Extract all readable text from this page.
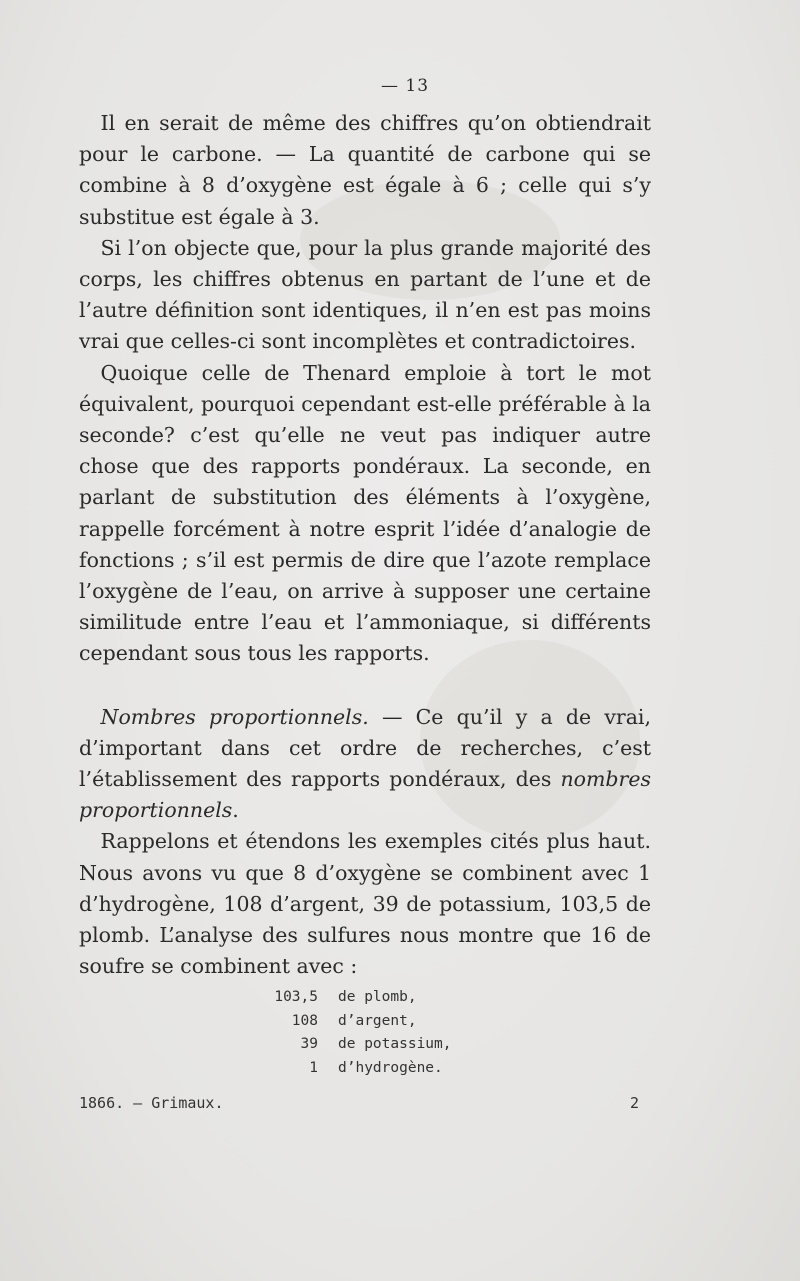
— 13

Il en serait de même des chiffres qu’on obtiendrait pour le carbone. — La quantité de carbone qui se combine à 8 d’oxygène est égale à 6 ; celle qui s’y substitue est égale à 3.

Si l’on objecte que, pour la plus grande majorité des corps, les chiffres obtenus en partant de l’une et de l’autre définition sont identiques, il n’en est pas moins vrai que celles-ci sont incomplètes et contradictoires.

Quoique celle de Thenard emploie à tort le mot équivalent, pourquoi cependant est-elle préférable à la seconde? c’est qu’elle ne veut pas indiquer autre chose que des rapports pondéraux. La seconde, en parlant de substitution des éléments à l’oxygène, rappelle forcément à notre esprit l’idée d’analogie de fonctions ; s’il est permis de dire que l’azote remplace l’oxygène de l’eau, on arrive à supposer une certaine similitude entre l’eau et l’ammoniaque, si différents cependant sous tous les rapports.

Nombres proportionnels. — Ce qu’il y a de vrai, d’important dans cet ordre de recherches, c’est l’établissement des rapports pondéraux, des nombres proportionnels.

Rappelons et étendons les exemples cités plus haut. Nous avons vu que 8 d’oxygène se combinent avec 1 d’hydrogène, 108 d’argent, 39 de potassium, 103,5 de plomb. L’analyse des sulfures nous montre que 16 de soufre se combinent avec :

103,5	de plomb,
108	d’argent,
39	de potassium,
1	d’hydrogène.
1866. — Grimaux.	2
